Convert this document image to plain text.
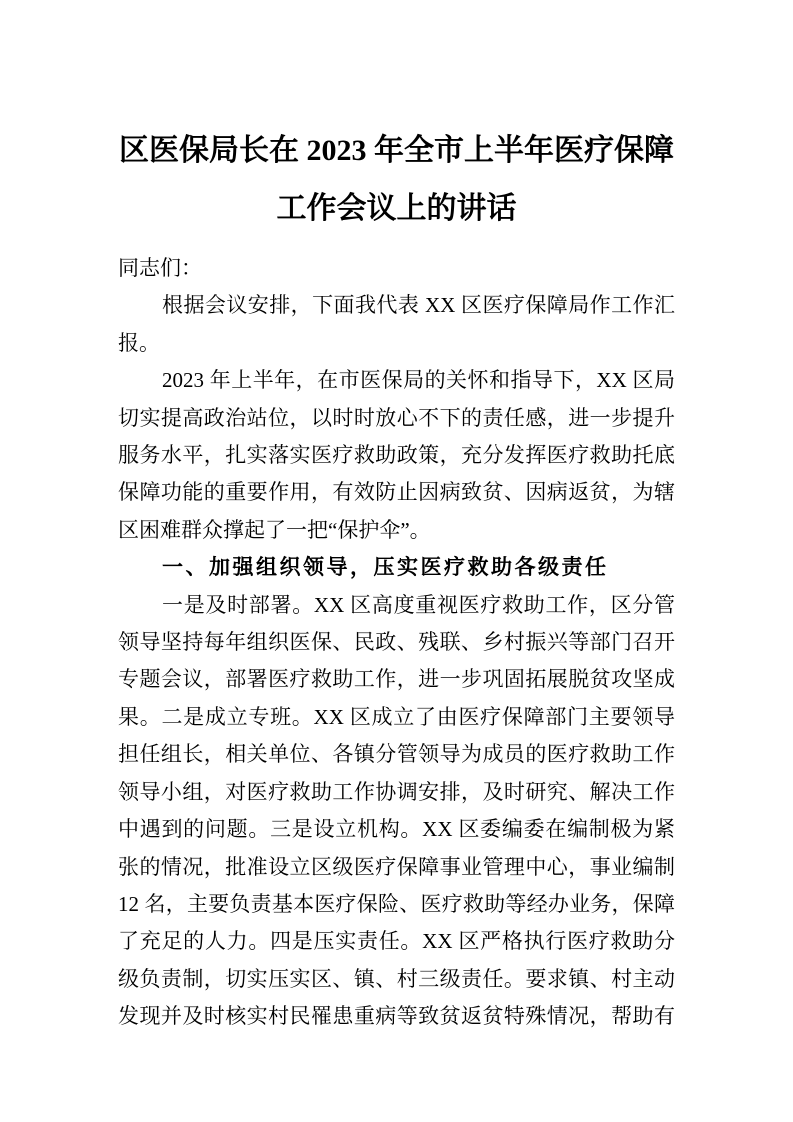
区医保局长在 2023 年全市上半年医疗保障
工作会议上的讲话
同志们：
根据会议安排，下面我代表 XX 区医疗保障局作工作汇
报。
2023 年上半年，在市医保局的关怀和指导下，XX 区局
切实提高政治站位，以时时放心不下的责任感，进一步提升
服务水平，扎实落实医疗救助政策，充分发挥医疗救助托底
保障功能的重要作用，有效防止因病致贫、因病返贫，为辖
区困难群众撑起了一把“保护伞”。
一、加强组织领导，压实医疗救助各级责任
一是及时部署。XX 区高度重视医疗救助工作，区分管
领导坚持每年组织医保、民政、残联、乡村振兴等部门召开
专题会议，部署医疗救助工作，进一步巩固拓展脱贫攻坚成
果。二是成立专班。XX 区成立了由医疗保障部门主要领导
担任组长，相关单位、各镇分管领导为成员的医疗救助工作
领导小组，对医疗救助工作协调安排，及时研究、解决工作
中遇到的问题。三是设立机构。XX 区委编委在编制极为紧
张的情况，批准设立区级医疗保障事业管理中心，事业编制
12 名，主要负责基本医疗保险、医疗救助等经办业务，保障
了充足的人力。四是压实责任。XX 区严格执行医疗救助分
级负责制，切实压实区、镇、村三级责任。要求镇、村主动
发现并及时核实村民罹患重病等致贫返贫特殊情况，帮助有
